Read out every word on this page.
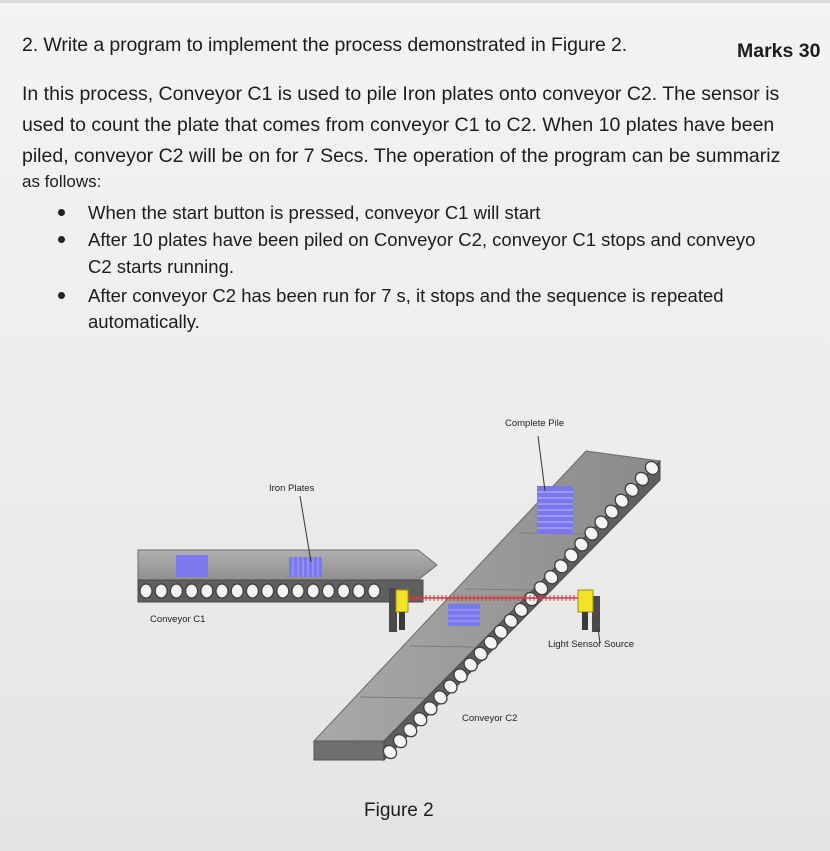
2. Write a program to implement the process demonstrated in Figure 2.	Marks 30
In this process, Conveyor C1 is used to pile Iron plates onto conveyor C2. The sensor is
used to count the plate that comes from conveyor C1 to C2. When 10 plates have been
piled, conveyor C2 will be on for 7 Secs. The operation of the program can be summariz
as follows:
When the start button is pressed, conveyor C1 will start
After 10 plates have been piled on Conveyor C2, conveyor C1 stops and conveyo
C2 starts running.
After conveyor C2 has been run for 7 s, it stops and the sequence is repeated
automatically.
Complete Pile
Iron Plates
Conveyor C1
Light Sensor Source
Conveyor C2
Figure 2
